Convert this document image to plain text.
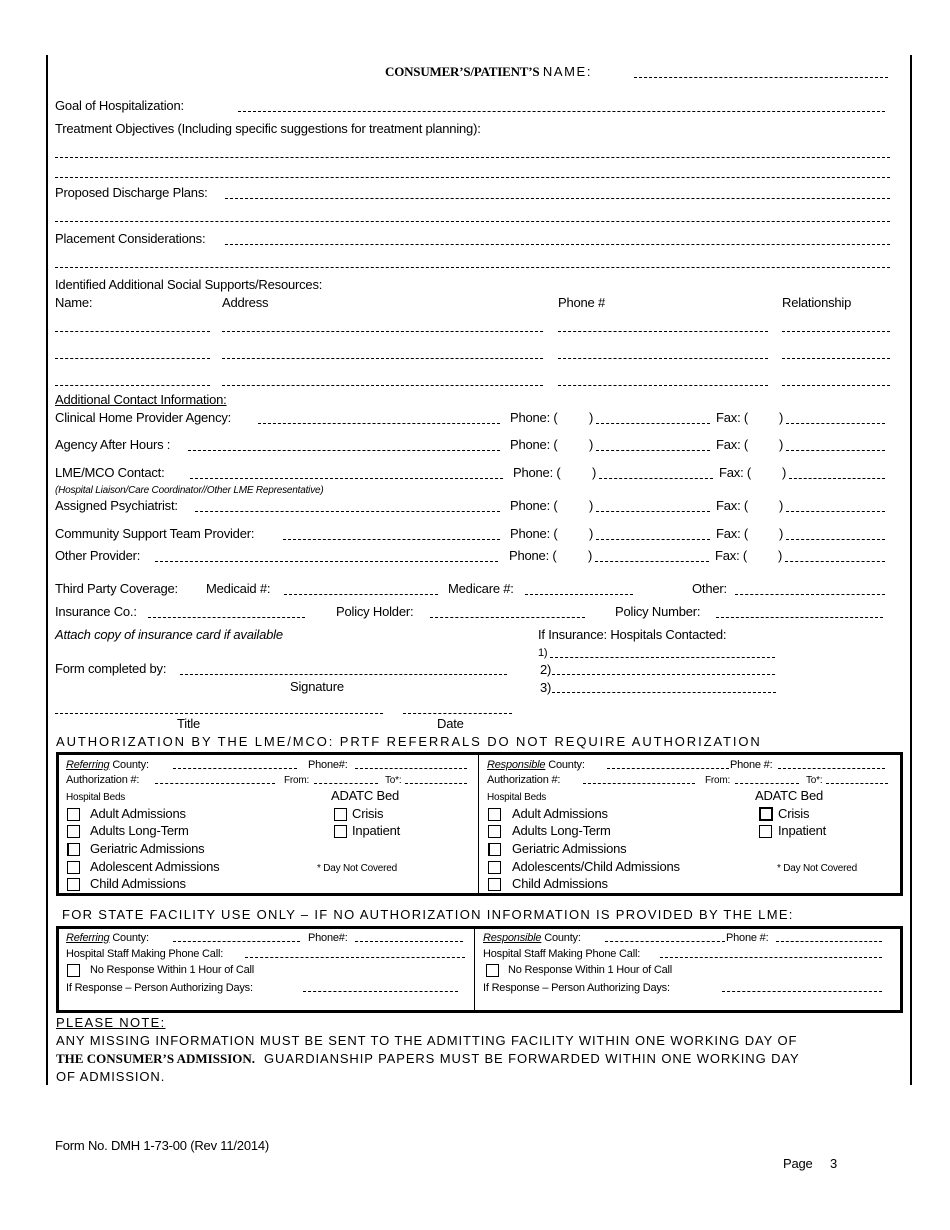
CONSUMER’S/PATIENT’S NAME:
Goal of Hospitalization:
Treatment Objectives (Including specific suggestions for treatment planning):
Proposed Discharge Plans:
Placement Considerations:
Identified Additional Social Supports/Resources:
Name:	Address	Phone #	Relationship
Additional Contact Information:
Clinical Home Provider Agency:	Phone: ( )	Fax: ( )
Agency After Hours :	Phone: ( )	Fax: ( )
LME/MCO Contact:	Phone: ( )	Fax: ( )
(Hospital Liaison/Care Coordinator//Other LME Representative)
Assigned Psychiatrist:	Phone: ( )	Fax: ( )
Community Support Team Provider:	Phone: ( )	Fax: ( )
Other Provider:	Phone: ( )	Fax: ( )
Third Party Coverage: Medicaid #:	Medicare #:	Other:
Insurance Co.:	Policy Holder:	Policy Number:
Attach copy of insurance card if available	If Insurance: Hospitals Contacted:
1)
2)
3)
Form completed by:
Signature
Title	Date
AUTHORIZATION BY THE LME/MCO: PRTF REFERRALS DO NOT REQUIRE AUTHORIZATION
Referring County:	Phone#:
Authorization #:	From:	To*:
Hospital Beds	ADATC Bed
Adult Admissions
Adults Long-Term
Geriatric Admissions
Adolescent Admissions
Child Admissions
Crisis
Inpatient
* Day Not Covered
Responsible County:	Phone #:
Authorization #:	From:	To*:
Hospital Beds	ADATC Bed
Adult Admissions
Adults Long-Term
Geriatric Admissions
Adolescents/Child Admissions
Child Admissions
Crisis
Inpatient
* Day Not Covered
FOR STATE FACILITY USE ONLY – IF NO AUTHORIZATION INFORMATION IS PROVIDED BY THE LME:
Referring County:	Phone#:
Hospital Staff Making Phone Call:
No Response Within 1 Hour of Call
If Response – Person Authorizing Days:
Responsible County:	Phone #:
Hospital Staff Making Phone Call:
No Response Within 1 Hour of Call
If Response – Person Authorizing Days:
PLEASE NOTE:
ANY MISSING INFORMATION MUST BE SENT TO THE ADMITTING FACILITY WITHIN ONE WORKING DAY OF
THE CONSUMER’S ADMISSION.  GUARDIANSHIP PAPERS MUST BE FORWARDED WITHIN ONE WORKING DAY
OF ADMISSION.
Form No. DMH 1-73-00 (Rev 11/2014)
Page 3
